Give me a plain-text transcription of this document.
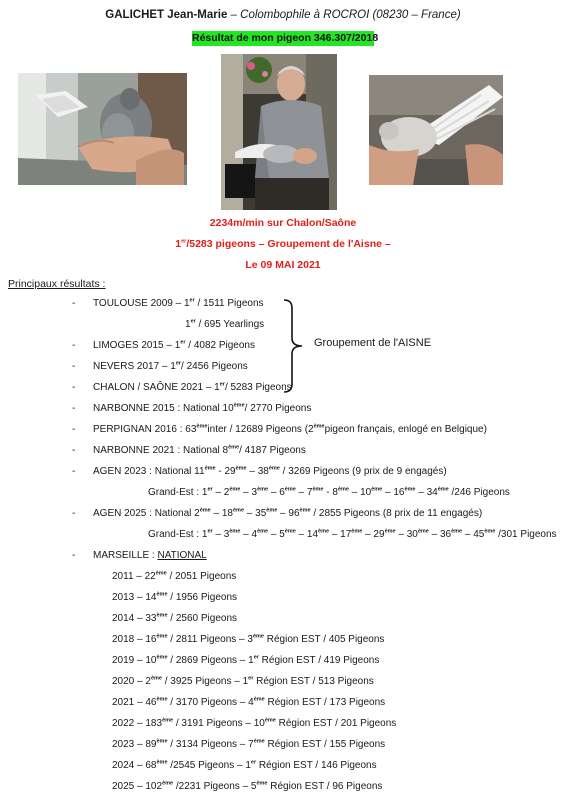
GALICHET Jean-Marie – Colombophile à ROCROI (08230 – France)
Résultat de mon pigeon 346.307/2018
2234m/min sur Chalon/Saône
1er/5283 pigeons – Groupement de l'Aisne –
Le 09 MAI 2021
Principaux résultats :
-
-
-
-
-
-
-
-
-
-
TOULOUSE 2009 – 1er / 1511 Pigeons
1er / 695 Yearlings
LIMOGES 2015 – 1er / 4082 Pigeons
NEVERS 2017 – 1er/ 2456 Pigeons
CHALON / SAÔNE 2021 – 1er/ 5283 Pigeons
Groupement de l'AISNE
NARBONNE 2015 : National 10ème/ 2770 Pigeons
PERPIGNAN 2016 : 63èmeinter / 12689 Pigeons (2èmepigeon français, enlogé en Belgique)
NARBONNE 2021 : National 8ème/ 4187 Pigeons
AGEN 2023 : National 11ème - 29ème – 38ème / 3269 Pigeons (9 prix de 9 engagés)
Grand-Est : 1er – 2ème – 3ème – 6ème – 7ème - 8ème – 10ème – 16ème – 34ème /246 Pigeons
AGEN 2025 : National 2ème – 18ème – 35ème – 96ème / 2855 Pigeons (8 prix de 11 engagés)
Grand-Est : 1er – 3ème – 4ème – 5ème – 14ème – 17ème – 29ème – 30ème – 36ème – 45ème /301 Pigeons
MARSEILLE : NATIONAL
2011 – 22ème / 2051 Pigeons
2013 – 14ème / 1956 Pigeons
2014 – 33ème / 2560 Pigeons
2018 – 16ème / 2811 Pigeons – 3ème Région EST / 405 Pigeons
2019 – 10ème / 2869 Pigeons – 1er Région EST / 419 Pigeons
2020 – 2ème / 3925 Pigeons – 1er Région EST / 513 Pigeons
2021 – 46ème / 3170 Pigeons – 4ème Région EST / 173 Pigeons
2022 – 183ème / 3191 Pigeons – 10ème Région EST / 201 Pigeons
2023 – 89ème / 3134 Pigeons – 7ème Région EST / 155 Pigeons
2024 – 68ème /2545 Pigeons – 1er Région EST / 146 Pigeons
2025 – 102ème /2231 Pigeons – 5ème Région EST / 96 Pigeons
